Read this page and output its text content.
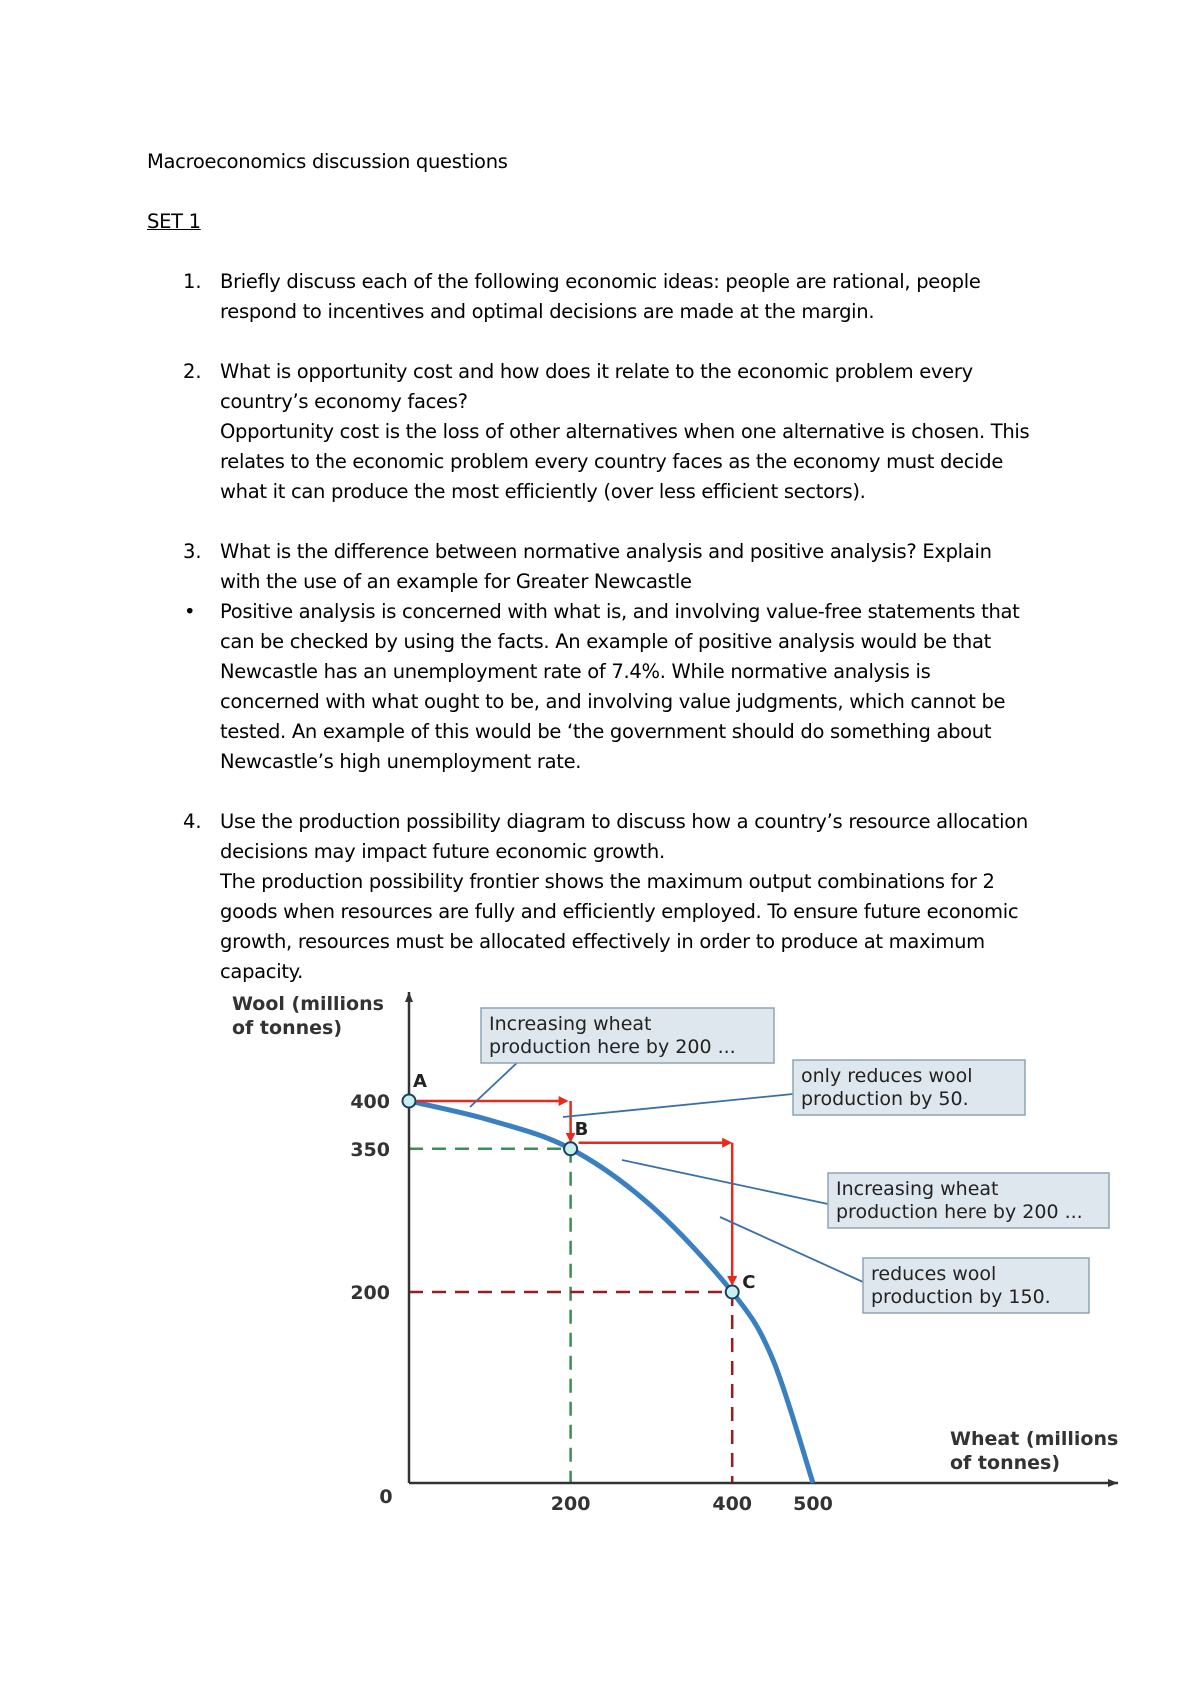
Macroeconomics discussion questions
SET 1
1. Briefly discuss each of the following economic ideas: people are rational, people
respond to incentives and optimal decisions are made at the margin.
2. What is opportunity cost and how does it relate to the economic problem every
country’s economy faces?
Opportunity cost is the loss of other alternatives when one alternative is chosen. This
relates to the economic problem every country faces as the economy must decide
what it can produce the most efficiently (over less efficient sectors).
3. What is the difference between normative analysis and positive analysis? Explain
with the use of an example for Greater Newcastle
Positive analysis is concerned with what is, and involving value-free statements that
can be checked by using the facts. An example of positive analysis would be that
Newcastle has an unemployment rate of 7.4%. While normative analysis is
concerned with what ought to be, and involving value judgments, which cannot be
tested. An example of this would be ‘the government should do something about
Newcastle’s high unemployment rate.
•
4. Use the production possibility diagram to discuss how a country’s resource allocation
decisions may impact future economic growth.
The production possibility frontier shows the maximum output combinations for 2
goods when resources are fully and efficiently employed. To ensure future economic
growth, resources must be allocated effectively in order to produce at maximum
capacity.
Wool (millions
of tonnes)
Wheat (millions
of tonnes)
0
400
350
200
200	400 500
Increasing wheat
production here by 200 ...
only reduces wool
production by 50.
Increasing wheat
production here by 200 ...
reduces wool
production by 150.
A
B
C
